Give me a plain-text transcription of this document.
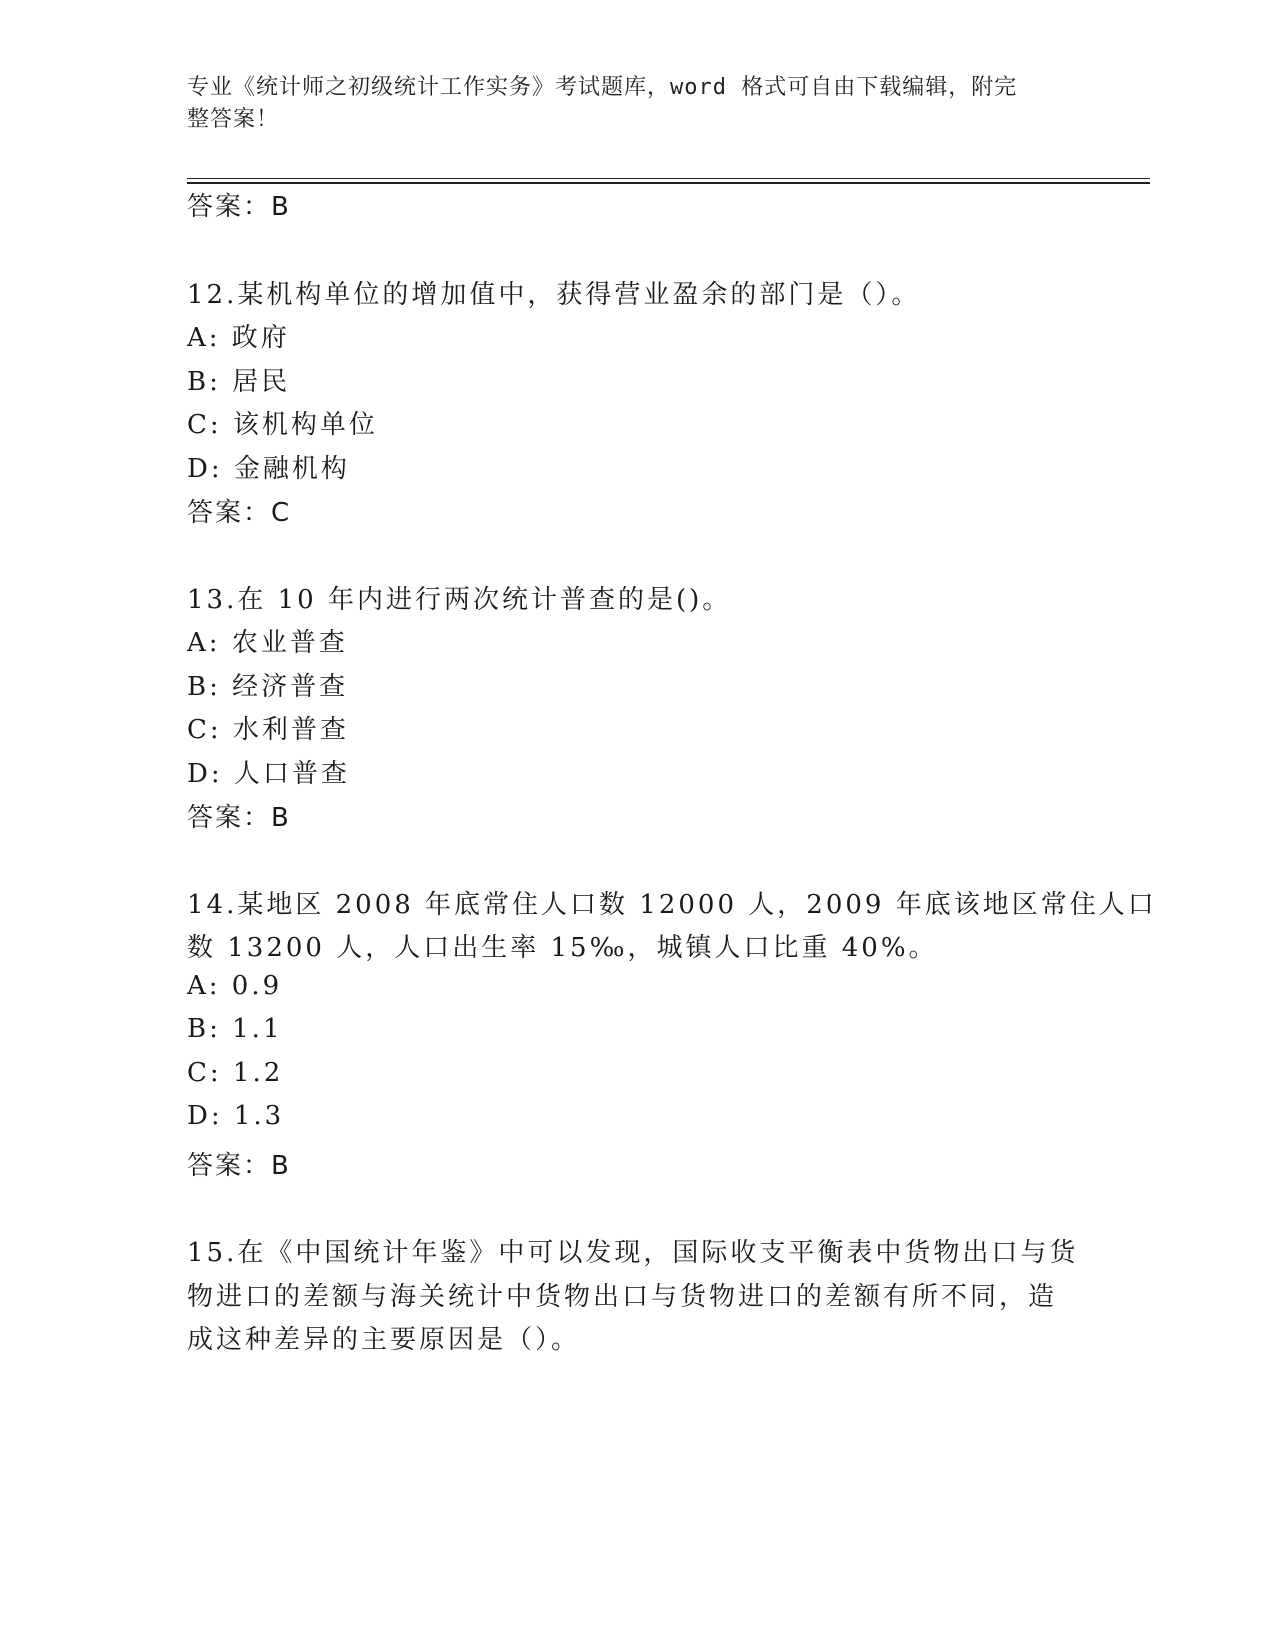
专业《统计师之初级统计工作实务》考试题库，word 格式可自由下载编辑，附完
整答案！
答案：B
12.某机构单位的增加值中，获得营业盈余的部门是（）。
A: 政府
B: 居民
C: 该机构单位
D: 金融机构
答案：C
13.在 10 年内进行两次统计普查的是()。
A: 农业普查
B: 经济普查
C: 水利普查
D: 人口普查
答案：B
14.某地区 2008 年底常住人口数 12000 人，2009 年底该地区常住人口
数 13200 人，人口出生率 15‰，城镇人口比重 40%。
A: 0.9
B: 1.1
C: 1.2
D: 1.3
答案：B
15.在《中国统计年鉴》中可以发现，国际收支平衡表中货物出口与货
物进口的差额与海关统计中货物出口与货物进口的差额有所不同，造
成这种差异的主要原因是（）。
